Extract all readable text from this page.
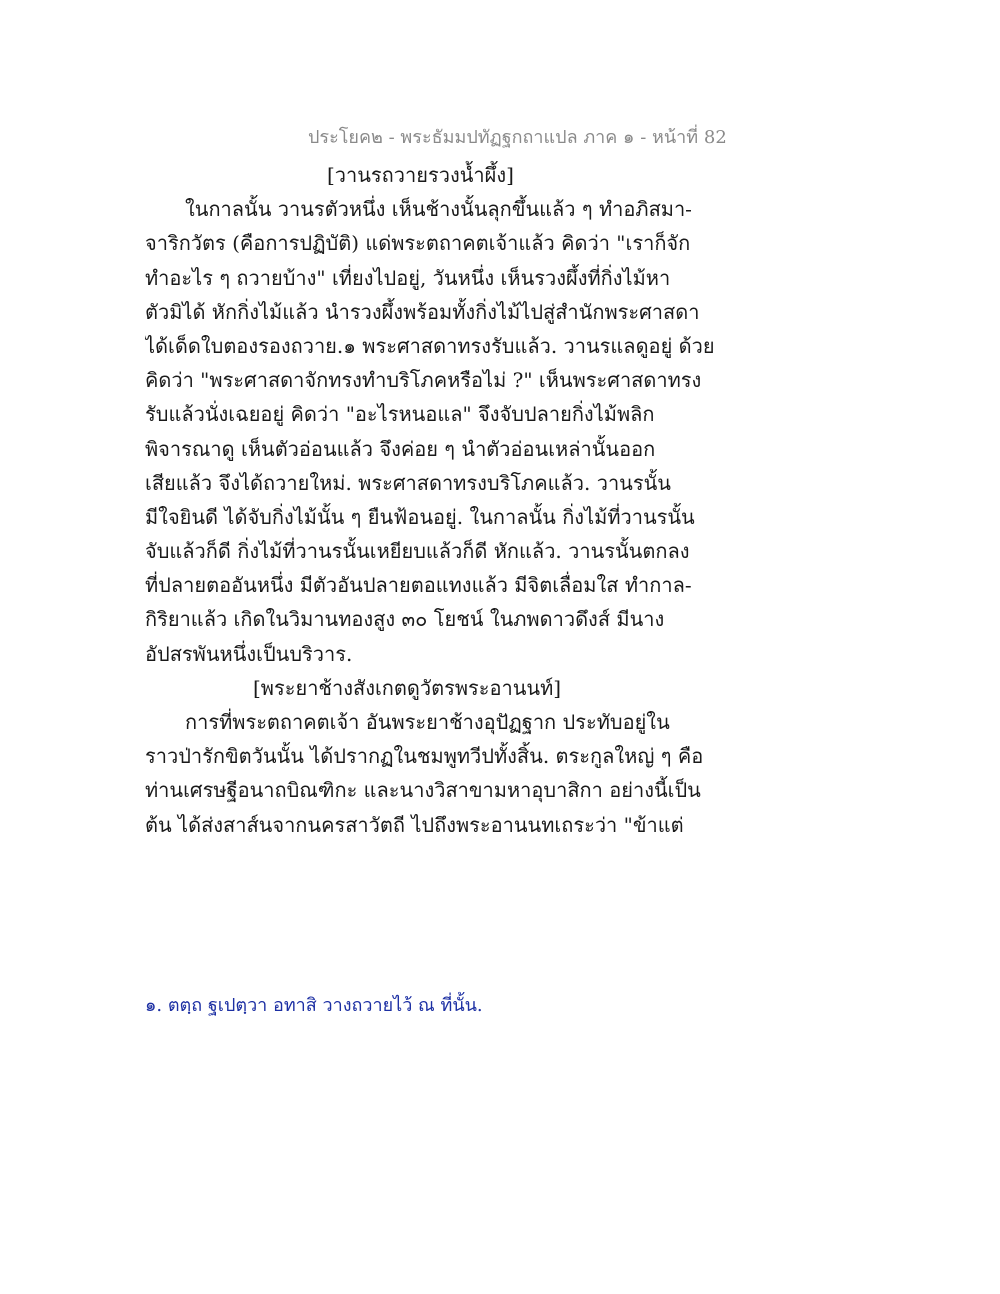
ประโยค๒ - พระธัมมปทัฏฐกถาแปล ภาค ๑ - หน้าที่ 82
[วานรถวายรวงน้ำผึ้ง]
ในกาลนั้น วานรตัวหนึ่ง เห็นช้างนั้นลุกขึ้นแล้ว ๆ ทำอภิสมา-
จาริกวัตร (คือการปฏิบัติ) แด่พระตถาคตเจ้าแล้ว คิดว่า "เราก็จัก
ทำอะไร ๆ ถวายบ้าง" เที่ยงไปอยู่, วันหนึ่ง เห็นรวงผึ้งที่กิ่งไม้หา
ตัวมิได้ หักกิ่งไม้แล้ว นำรวงผึ้งพร้อมทั้งกิ่งไม้ไปสู่สำนักพระศาสดา
ได้เด็ดใบตองรองถวาย.๑ พระศาสดาทรงรับแล้ว. วานรแลดูอยู่ ด้วย
คิดว่า "พระศาสดาจักทรงทำบริโภคหรือไม่ ?" เห็นพระศาสดาทรง
รับแล้วนั่งเฉยอยู่ คิดว่า "อะไรหนอแล" จึงจับปลายกิ่งไม้พลิก
พิจารณาดู เห็นตัวอ่อนแล้ว จึงค่อย ๆ นำตัวอ่อนเหล่านั้นออก
เสียแล้ว จึงได้ถวายใหม่. พระศาสดาทรงบริโภคแล้ว. วานรนั้น
มีใจยินดี ได้จับกิ่งไม้นั้น ๆ ยืนฟ้อนอยู่. ในกาลนั้น กิ่งไม้ที่วานรนั้น
จับแล้วก็ดี กิ่งไม้ที่วานรนั้นเหยียบแล้วก็ดี หักแล้ว. วานรนั้นตกลง
ที่ปลายตออันหนึ่ง มีตัวอันปลายตอแทงแล้ว มีจิตเลื่อมใส ทำกาล-
กิริยาแล้ว เกิดในวิมานทองสูง ๓๐ โยชน์ ในภพดาวดึงส์ มีนาง
อัปสรพันหนึ่งเป็นบริวาร.
[พระยาช้างสังเกตดูวัตรพระอานนท์]
การที่พระตถาคตเจ้า อันพระยาช้างอุปัฏฐาก ประทับอยู่ใน
ราวป่ารักขิตวันนั้น ได้ปรากฏในชมพูทวีปทั้งสิ้น. ตระกูลใหญ่ ๆ คือ
ท่านเศรษฐีอนาถบิณฑิกะ และนางวิสาขามหาอุบาสิกา อย่างนี้เป็น
ต้น ได้ส่งสาส์นจากนครสาวัตถี ไปถึงพระอานนทเถระว่า "ข้าแต่
๑. ตตฺถ ฐเปตฺวา อทาสิ วางถวายไว้ ณ ที่นั้น.
